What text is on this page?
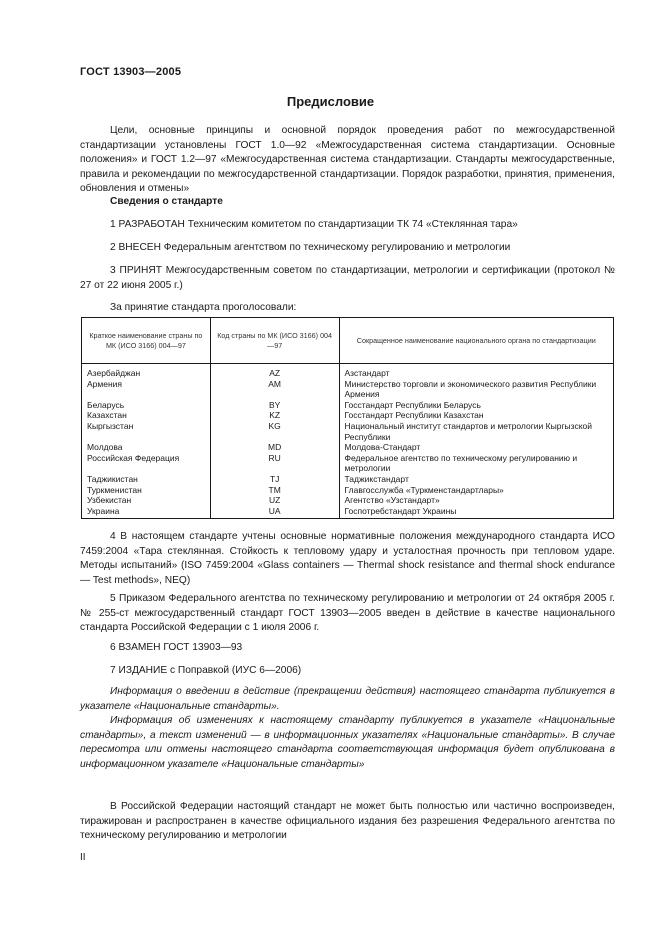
ГОСТ 13903—2005
Предисловие

Цели, основные принципы и основной порядок проведения работ по межгосударственной стандартизации установлены ГОСТ 1.0—92 «Межгосударственная система стандартизации. Основные положения» и ГОСТ 1.2—97 «Межгосударственная система стандартизации. Стандарты межгосударственные, правила и рекомендации по межгосударственной стандартизации. Порядок разработки, принятия, применения, обновления и отмены»

Сведения о стандарте

1 РАЗРАБОТАН Техническим комитетом по стандартизации ТК 74 «Стеклянная тара»

2 ВНЕСЕН Федеральным агентством по техническому регулированию и метрологии

3 ПРИНЯТ Межгосударственным советом по стандартизации, метрологии и сертификации (протокол № 27 от 22 июня 2005 г.)

За принятие стандарта проголосовали:

Краткое наименование страны по МК (ИСО 3166) 004—97	Код страны по МК (ИСО 3166) 004—97	Сокращенное наименование национального органа по стандартизации
Азербайджан	AZ	Азстандарт
Армения	AM	Министерство торговли и экономического развития Республики Армения
Беларусь	BY	Госстандарт Республики Беларусь
Казахстан	KZ	Госстандарт Республики Казахстан
Кыргызстан	KG	Национальный институт стандартов и метрологии Кыргызской Республики
Молдова	MD	Молдова-Стандарт
Российская Федерация	RU	Федеральное агентство по техническому регулированию и метрологии
Таджикистан	TJ	Таджикстандарт
Туркменистан	TM	Главгосслужба «Туркменстандартлары»
Узбекистан	UZ	Агентство «Узстандарт»
Украина	UA	Госпотребстандарт Украины

4 В настоящем стандарте учтены основные нормативные положения международного стандарта ИСО 7459:2004 «Тара стеклянная. Стойкость к тепловому удару и усталостная прочность при тепловом ударе. Методы испытаний» (ISO 7459:2004 «Glass containers — Thermal shock resistance and thermal shock endurance — Test methods», NEQ)

5 Приказом Федерального агентства по техническому регулированию и метрологии от 24 октября 2005 г. № 255-ст межгосударственный стандарт ГОСТ 13903—2005 введен в действие в качестве национального стандарта Российской Федерации с 1 июля 2006 г.

6 ВЗАМЕН ГОСТ 13903—93

7 ИЗДАНИЕ с Поправкой (ИУС 6—2006)

Информация о введении в действие (прекращении действия) настоящего стандарта публикуется в указателе «Национальные стандарты».

Информация об изменениях к настоящему стандарту публикуется в указателе «Национальные стандарты», а текст изменений — в информационных указателях «Национальные стандарты». В случае пересмотра или отмены настоящего стандарта соответствующая информация будет опубликована в информационном указателе «Национальные стандарты»

В Российской Федерации настоящий стандарт не может быть полностью или частично воспроизведен, тиражирован и распространен в качестве официального издания без разрешения Федерального агентства по техническому регулированию и метрологии

II
